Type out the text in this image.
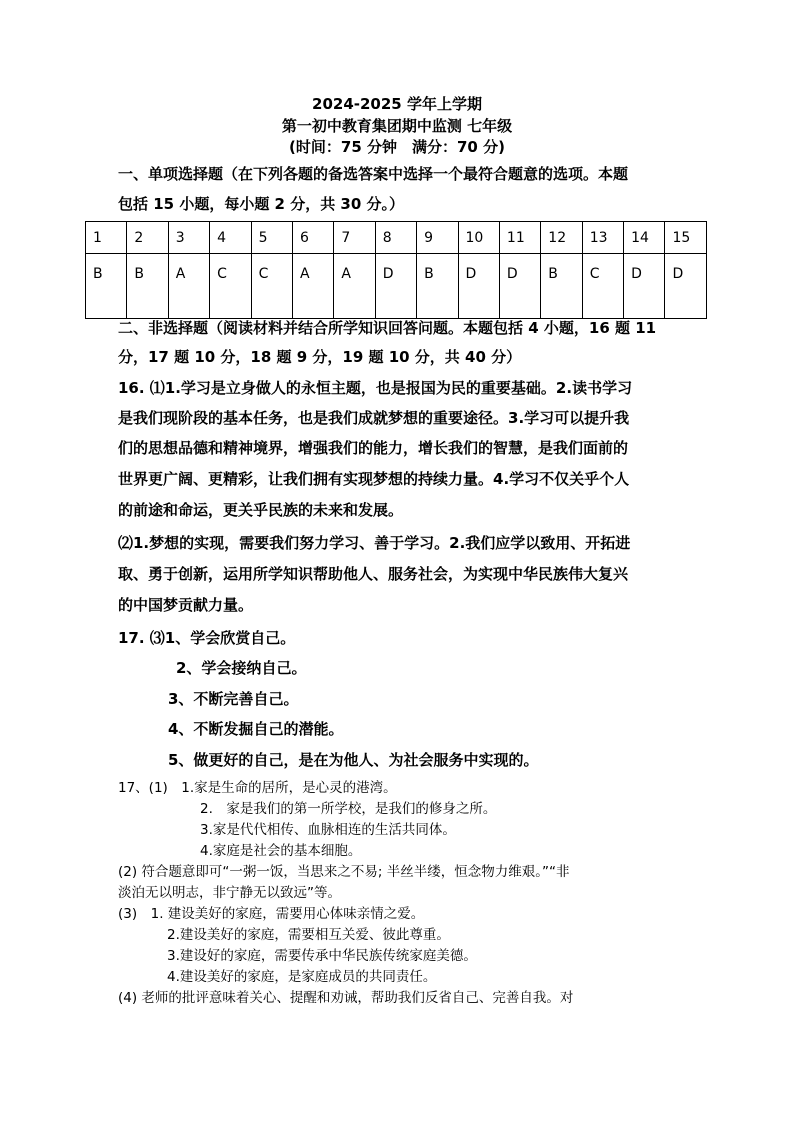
2024-2025 学年上学期
第一初中教育集团期中监测 七年级
(时间：75 分钟　满分：70 分)
一、单项选择题（在下列各题的备选答案中选择一个最符合题意的选项。本题
包括 15 小题，每小题 2 分，共 30 分。）
1	2	3	4	5	6	7	8	9	10	11	12	13	14	15
B	B	A	C	C	A	A	D	B	D	D	B	C	D	D
二、非选择题（阅读材料并结合所学知识回答问题。本题包括 4 小题，16 题 11
分，17 题 10 分，18 题 9 分，19 题 10 分，共 40 分）
16. ⑴1.学习是立身做人的永恒主题，也是报国为民的重要基础。2.读书学习
是我们现阶段的基本任务，也是我们成就梦想的重要途径。3.学习可以提升我
们的思想品德和精神境界，增强我们的能力，增长我们的智慧，是我们面前的
世界更广阔、更精彩，让我们拥有实现梦想的持续力量。4.学习不仅关乎个人
的前途和命运，更关乎民族的未来和发展。
⑵1.梦想的实现，需要我们努力学习、善于学习。2.我们应学以致用、开拓进
取、勇于创新，运用所学知识帮助他人、服务社会，为实现中华民族伟大复兴
的中国梦贡献力量。
17. ⑶1、学会欣赏自己。
2、学会接纳自己。
3、不断完善自己。
4、不断发掘自己的潜能。
5、做更好的自己，是在为他人、为社会服务中实现的。
17、(1)　1.家是生命的居所，是心灵的港湾。
2.　家是我们的第一所学校，是我们的修身之所。
3.家是代代相传、血脉相连的生活共同体。
4.家庭是社会的基本细胞。
(2) 符合题意即可“一粥一饭，当思来之不易; 半丝半缕，恒念物力维艰。”“非
淡泊无以明志，非宁静无以致远”等。
(3)　1. 建设美好的家庭，需要用心体味亲情之爱。
2.建设美好的家庭，需要相互关爱、彼此尊重。
3.建设好的家庭，需要传承中华民族传统家庭美德。
4.建设美好的家庭，是家庭成员的共同责任。
(4) 老师的批评意味着关心、提醒和劝诫，帮助我们反省自己、完善自我。对
